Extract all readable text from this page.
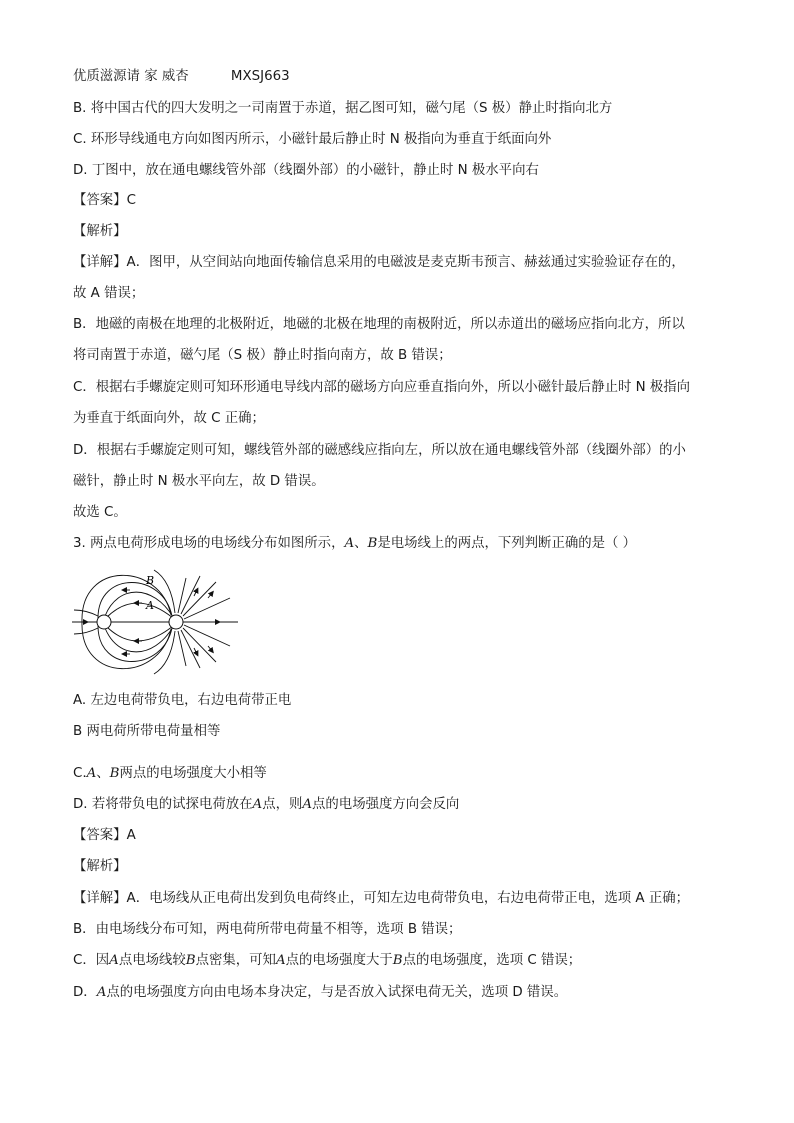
优质滋源请 家 威杏	MXSJ663
B. 将中国古代的四大发明之一司南置于赤道，据乙图可知，磁勺尾（S 极）静止时指向北方
C. 环形导线通电方向如图丙所示，小磁针最后静止时 N 极指向为垂直于纸面向外
D. 丁图中，放在通电螺线管外部（线圈外部）的小磁针，静止时 N 极水平向右
【答案】C
【解析】
【详解】A．图甲，从空间站向地面传输信息采用的电磁波是麦克斯韦预言、赫兹通过实验验证存在的，
故 A 错误；
B．地磁的南极在地理的北极附近，地磁的北极在地理的南极附近，所以赤道出的磁场应指向北方，所以
将司南置于赤道，磁勺尾（S 极）静止时指向南方，故 B 错误；
C．根据右手螺旋定则可知环形通电导线内部的磁场方向应垂直指向外，所以小磁针最后静止时 N 极指向
为垂直于纸面向外，故 C 正确；
D．根据右手螺旋定则可知，螺线管外部的磁感线应指向左，所以放在通电螺线管外部（线圈外部）的小
磁针，静止时 N 极水平向左，故 D 错误。
故选 C。
3. 两点电荷形成电场的电场线分布如图所示，A、B是电场线上的两点，下列判断正确的是（ ）
B
A
A. 左边电荷带负电，右边电荷带正电
B 两电荷所带电荷量相等
C.A、B两点的电场强度大小相等
D. 若将带负电的试探电荷放在A点，则A点的电场强度方向会反向
【答案】A
【解析】
【详解】A．电场线从正电荷出发到负电荷终止，可知左边电荷带负电，右边电荷带正电，选项 A 正确；
B．由电场线分布可知，两电荷所带电荷量不相等，选项 B 错误；
C．因A点电场线较B点密集，可知A点的电场强度大于B点的电场强度，选项 C 错误；
D．A点的电场强度方向由电场本身决定，与是否放入试探电荷无关，选项 D 错误。
